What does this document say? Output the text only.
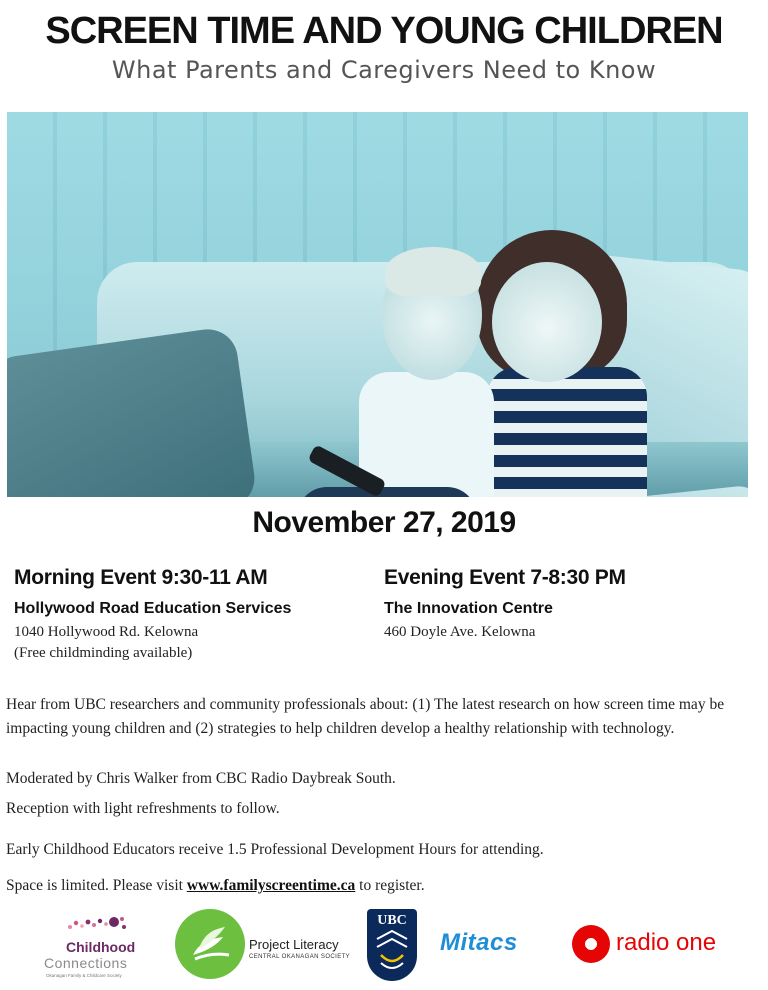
SCREEN TIME AND YOUNG CHILDREN
What Parents and Caregivers Need to Know
November 27, 2019
Morning Event 9:30-11 AM
Hollywood Road Education Services
1040 Hollywood Rd. Kelowna
(Free childminding available)
Evening Event 7-8:30 PM
The Innovation Centre
460 Doyle Ave. Kelowna

Hear from UBC researchers and community professionals about: (1) The latest research on how screen time may be impacting young children and (2) strategies to help children develop a healthy relationship with technology.

Moderated by Chris Walker from CBC Radio Daybreak South.

Reception with light refreshments to follow.

Early Childhood Educators receive 1.5 Professional Development Hours for attending.

Space is limited. Please visit www.familyscreentime.ca to register.

Childhood
Connections
Okanagan Family & Childcare Society
Project Literacy
CENTRAL OKANAGAN SOCIETY
UBC
Mitacs	radio one
